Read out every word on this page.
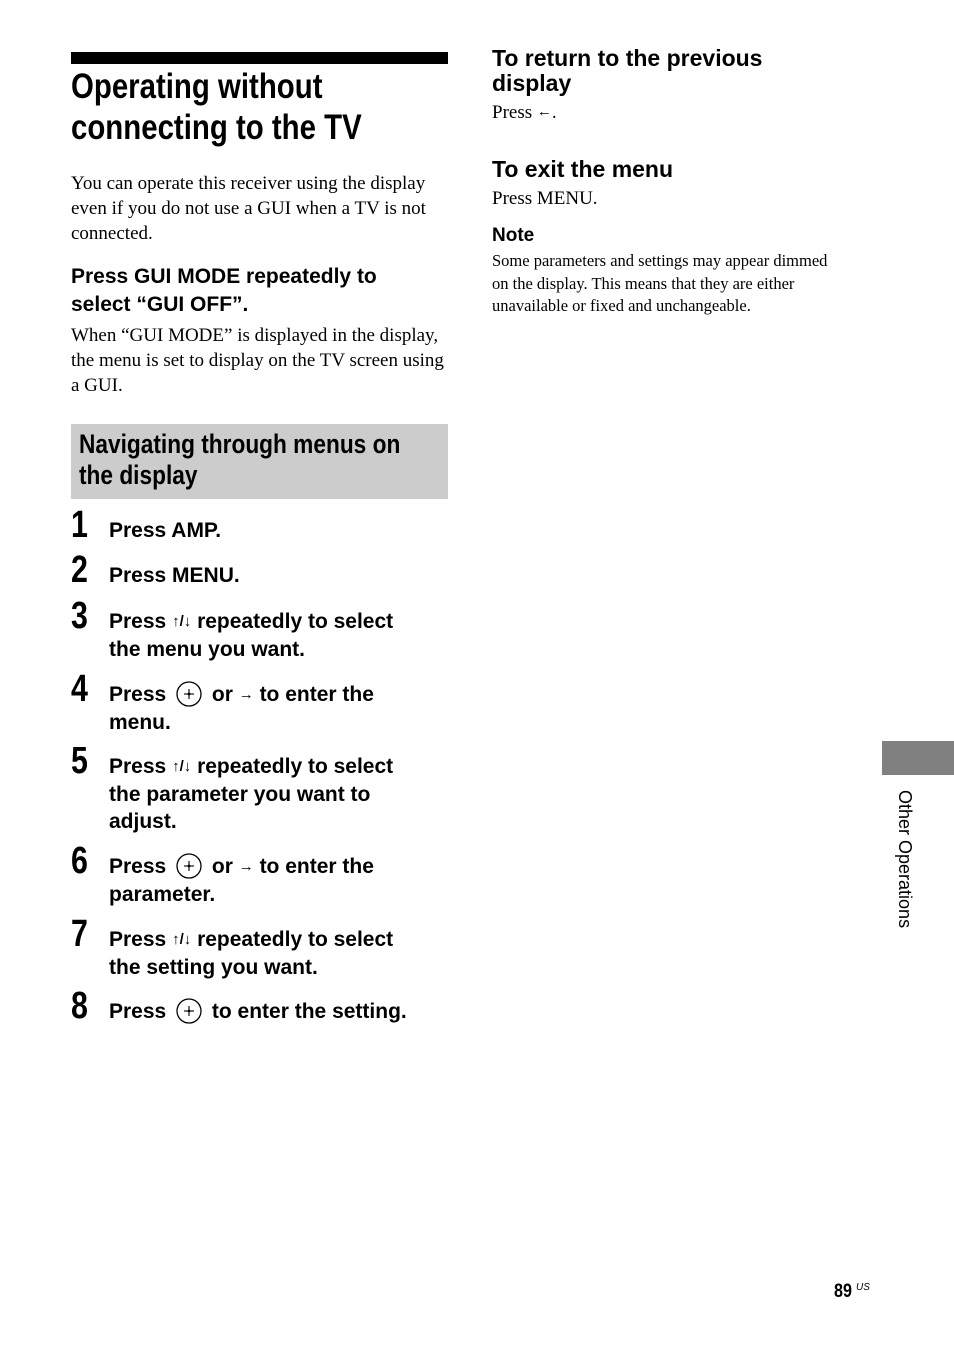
Operating without
connecting to the TV

You can operate this receiver using the display even if you do not use a GUI when a TV is not connected.

Press GUI MODE repeatedly to
select “GUI OFF”.

When “GUI MODE” is displayed in the display, the menu is set to display on the TV screen using a GUI.

Navigating through menus on
the display
1 Press AMP.
2 Press MENU.
3 Press ↑/↓ repeatedly to select
the menu you want.
4 Press  or → to enter the
menu.
5 Press ↑/↓ repeatedly to select
the parameter you want to
adjust.
6 Press  or → to enter the
parameter.
7 Press ↑/↓ repeatedly to select
the setting you want.
8 Press  to enter the setting.
To return to the previous
display

Press ←.

To exit the menu

Press MENU.

Note

Some parameters and settings may appear dimmed
on the display. This means that they are either
unavailable or fixed and unchangeable.

Other Operations
89 US
